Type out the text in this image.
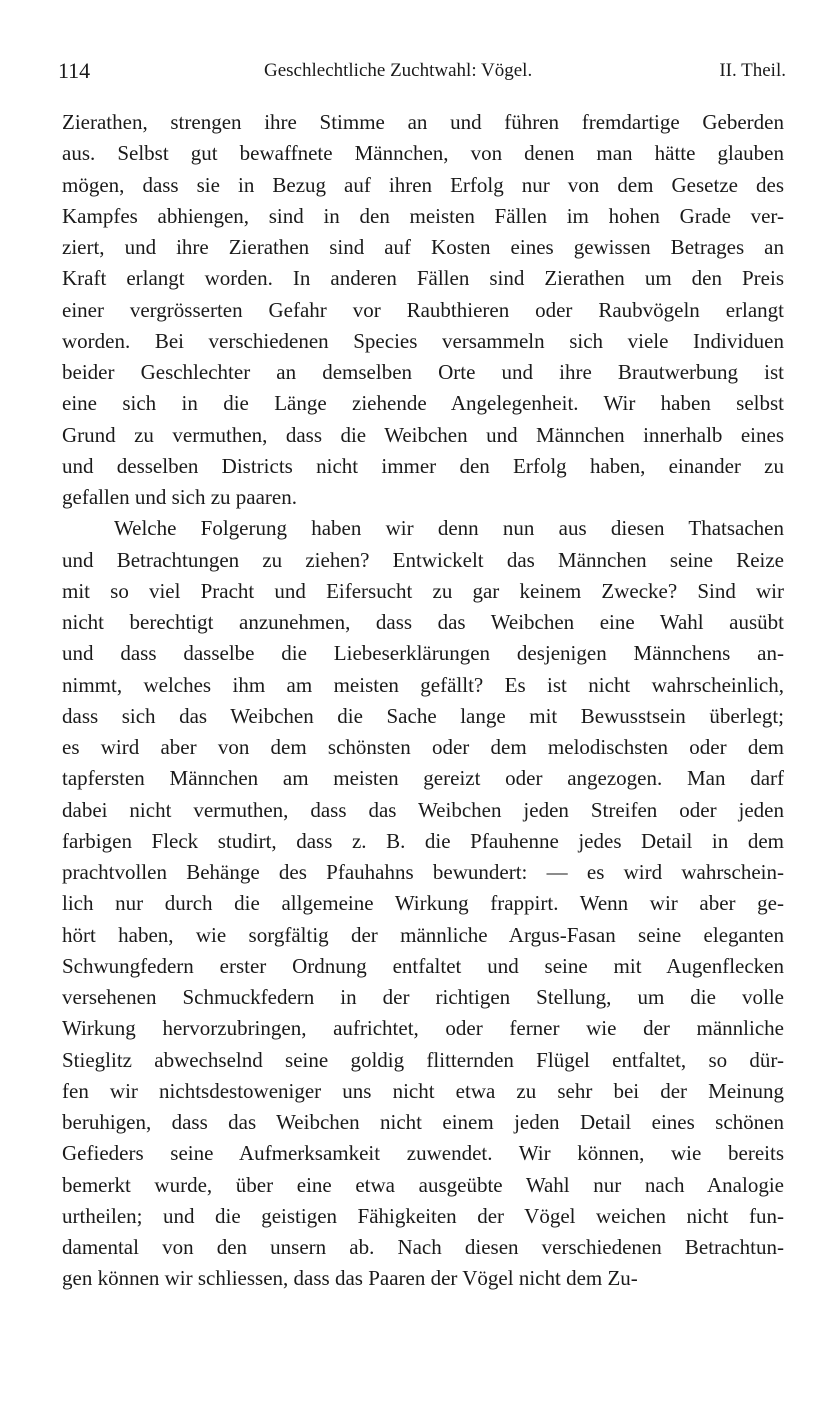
114	Geschlechtliche Zuchtwahl: Vögel.	II. Theil.
Zierathen, strengen ihre Stimme an und führen fremdartige Geberden
aus. Selbst gut bewaffnete Männchen, von denen man hätte glauben
mögen, dass sie in Bezug auf ihren Erfolg nur von dem Gesetze des
Kampfes abhiengen, sind in den meisten Fällen im hohen Grade ver-
ziert, und ihre Zierathen sind auf Kosten eines gewissen Betrages an
Kraft erlangt worden. In anderen Fällen sind Zierathen um den Preis
einer vergrösserten Gefahr vor Raubthieren oder Raubvögeln erlangt
worden. Bei verschiedenen Species versammeln sich viele Individuen
beider Geschlechter an demselben Orte und ihre Brautwerbung ist
eine sich in die Länge ziehende Angelegenheit. Wir haben selbst
Grund zu vermuthen, dass die Weibchen und Männchen innerhalb eines
und desselben Districts nicht immer den Erfolg haben, einander zu
gefallen und sich zu paaren.
Welche Folgerung haben wir denn nun aus diesen Thatsachen
und Betrachtungen zu ziehen? Entwickelt das Männchen seine Reize
mit so viel Pracht und Eifersucht zu gar keinem Zwecke? Sind wir
nicht berechtigt anzunehmen, dass das Weibchen eine Wahl ausübt
und dass dasselbe die Liebeserklärungen desjenigen Männchens an-
nimmt, welches ihm am meisten gefällt? Es ist nicht wahrscheinlich,
dass sich das Weibchen die Sache lange mit Bewusstsein überlegt;
es wird aber von dem schönsten oder dem melodischsten oder dem
tapfersten Männchen am meisten gereizt oder angezogen. Man darf
dabei nicht vermuthen, dass das Weibchen jeden Streifen oder jeden
farbigen Fleck studirt, dass z. B. die Pfauhenne jedes Detail in dem
prachtvollen Behänge des Pfauhahns bewundert: — es wird wahrschein-
lich nur durch die allgemeine Wirkung frappirt. Wenn wir aber ge-
hört haben, wie sorgfältig der männliche Argus-Fasan seine eleganten
Schwungfedern erster Ordnung entfaltet und seine mit Augenflecken
versehenen Schmuckfedern in der richtigen Stellung, um die volle
Wirkung hervorzubringen, aufrichtet, oder ferner wie der männliche
Stieglitz abwechselnd seine goldig flitternden Flügel entfaltet, so dür-
fen wir nichtsdestoweniger uns nicht etwa zu sehr bei der Meinung
beruhigen, dass das Weibchen nicht einem jeden Detail eines schönen
Gefieders seine Aufmerksamkeit zuwendet. Wir können, wie bereits
bemerkt wurde, über eine etwa ausgeübte Wahl nur nach Analogie
urtheilen; und die geistigen Fähigkeiten der Vögel weichen nicht fun-
damental von den unsern ab. Nach diesen verschiedenen Betrachtun-
gen können wir schliessen, dass das Paaren der Vögel nicht dem Zu-
